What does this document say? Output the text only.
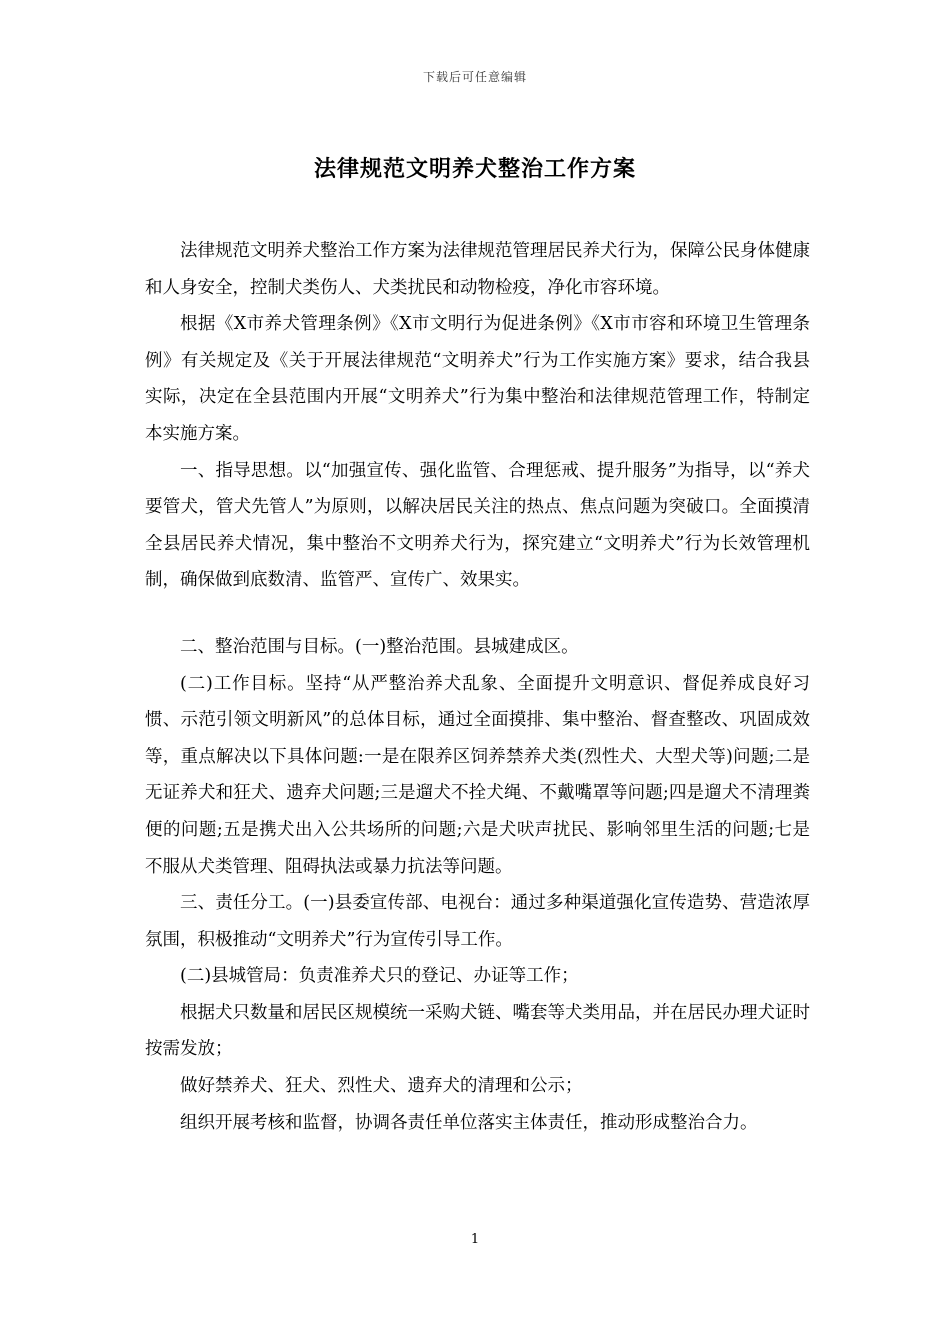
下载后可任意编辑
法律规范文明养犬整治工作方案

法律规范文明养犬整治工作方案为法律规范管理居民养犬行为，保障公民身体健康和人身安全，控制犬类伤人、犬类扰民和动物检疫，净化市容环境。

根据《X市养犬管理条例》《X市文明行为促进条例》《X市市容和环境卫生管理条例》有关规定及《关于开展法律规范“文明养犬”行为工作实施方案》要求，结合我县实际，决定在全县范围内开展“文明养犬”行为集中整治和法律规范管理工作，特制定本实施方案。

一、指导思想。以“加强宣传、强化监管、合理惩戒、提升服务”为指导，以“养犬要管犬，管犬先管人”为原则，以解决居民关注的热点、焦点问题为突破口。全面摸清全县居民养犬情况，集中整治不文明养犬行为，探究建立“文明养犬”行为长效管理机制，确保做到底数清、监管严、宣传广、效果实。

二、整治范围与目标。(一)整治范围。县城建成区。

(二)工作目标。坚持“从严整治养犬乱象、全面提升文明意识、督促养成良好习惯、示范引领文明新风”的总体目标，通过全面摸排、集中整治、督查整改、巩固成效等，重点解决以下具体问题:一是在限养区饲养禁养犬类(烈性犬、大型犬等)问题;二是无证养犬和狂犬、遗弃犬问题;三是遛犬不拴犬绳、不戴嘴罩等问题;四是遛犬不清理粪便的问题;五是携犬出入公共场所的问题;六是犬吠声扰民、影响邻里生活的问题;七是不服从犬类管理、阻碍执法或暴力抗法等问题。

三、责任分工。(一)县委宣传部、电视台：通过多种渠道强化宣传造势、营造浓厚氛围，积极推动“文明养犬”行为宣传引导工作。

(二)县城管局：负责准养犬只的登记、办证等工作；

根据犬只数量和居民区规模统一采购犬链、嘴套等犬类用品，并在居民办理犬证时按需发放；

做好禁养犬、狂犬、烈性犬、遗弃犬的清理和公示；

组织开展考核和监督，协调各责任单位落实主体责任，推动形成整治合力。

1
